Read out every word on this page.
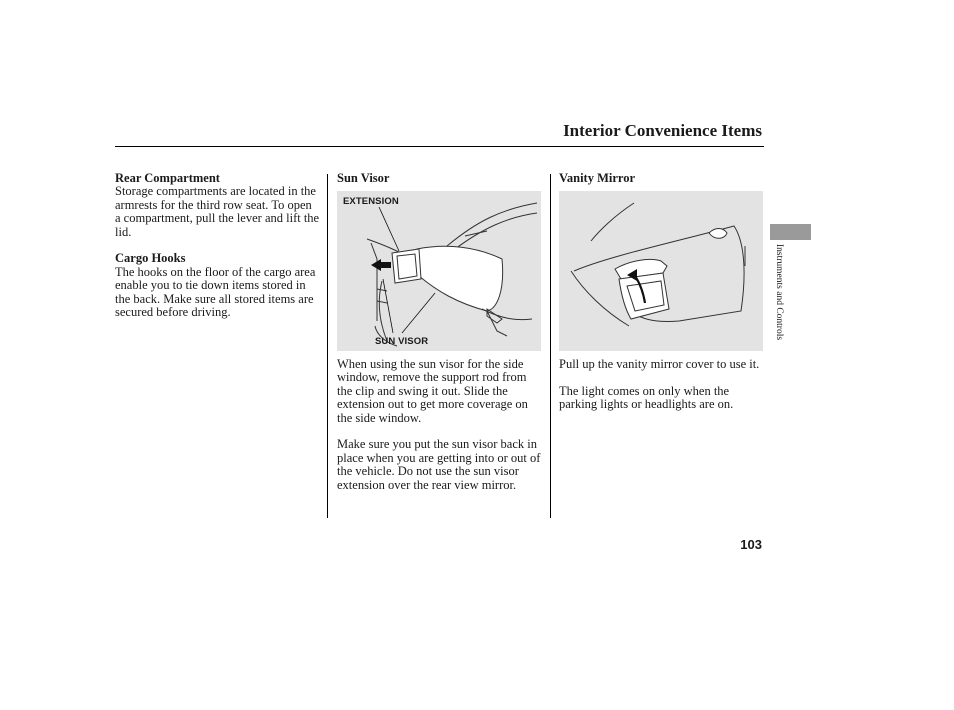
Interior Convenience Items
Rear Compartment

Storage compartments are located in the armrests for the third row seat. To open a compartment, pull the lever and lift the lid.

Cargo Hooks

The hooks on the floor of the cargo area enable you to tie down items stored in the back. Make sure all stored items are secured before driving.

Sun Visor
EXTENSION
SUN VISOR

When using the sun visor for the side window, remove the support rod from the clip and swing it out. Slide the extension out to get more coverage on the side window.

Make sure you put the sun visor back in place when you are getting into or out of the vehicle. Do not use the sun visor extension over the rear view mirror.

Vanity Mirror

Pull up the vanity mirror cover to use it.

The light comes on only when the parking lights or headlights are on.

Instruments and Controls
103
